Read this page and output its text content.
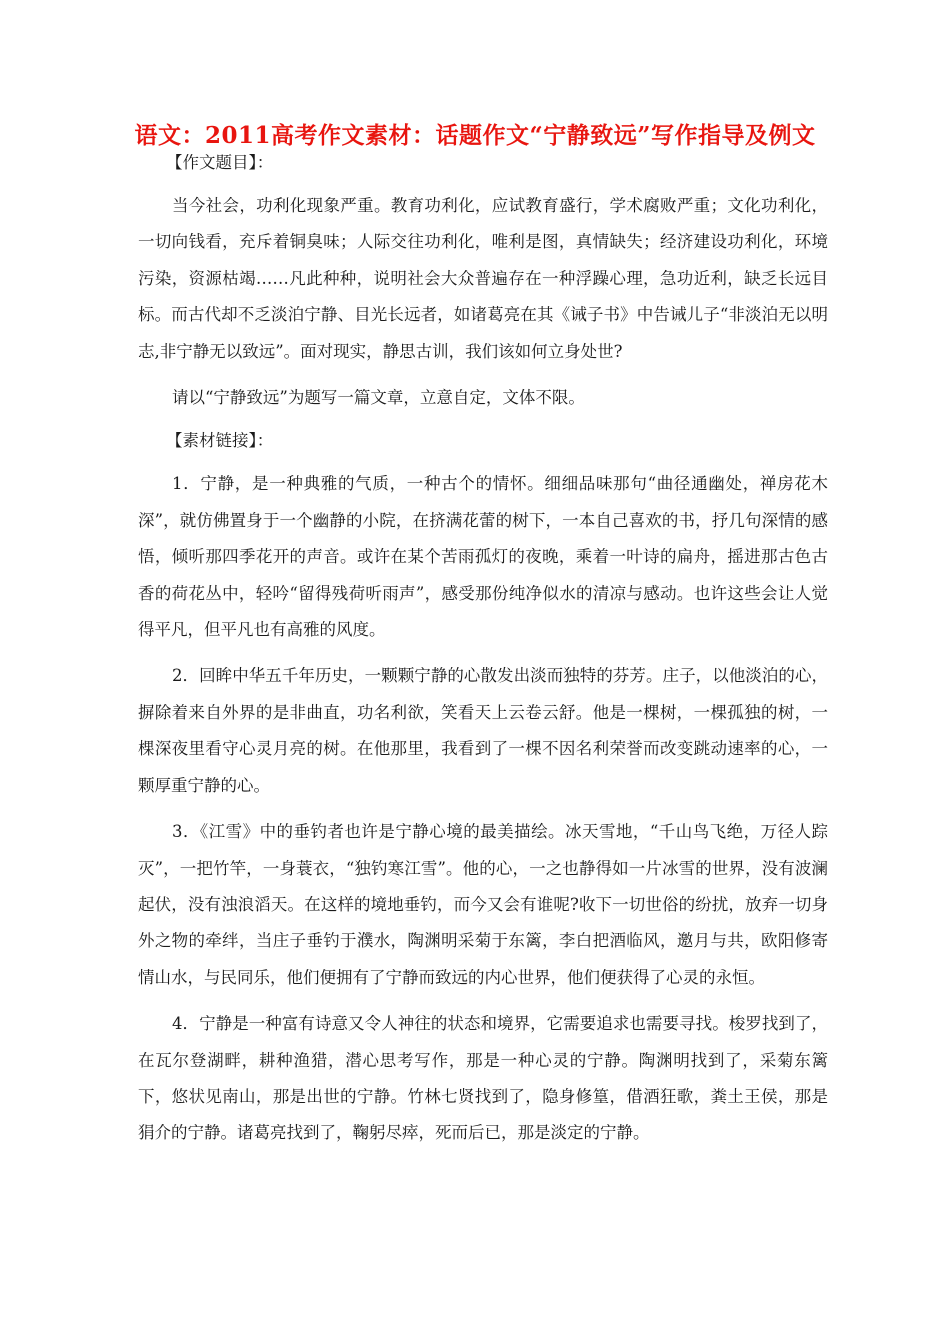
语文：2011高考作文素材：话题作文“宁静致远”写作指导及例文
【作文题目】：

当今社会，功利化现象严重。教育功利化，应试教育盛行，学术腐败严重；文化功利化，一切向钱看，充斥着铜臭味；人际交往功利化，唯利是图，真情缺失；经济建设功利化，环境污染，资源枯竭……凡此种种，说明社会大众普遍存在一种浮躁心理，急功近利，缺乏长远目标。而古代却不乏淡泊宁静、目光长远者，如诸葛亮在其《诫子书》中告诫儿子“非淡泊无以明志,非宁静无以致远”。面对现实，静思古训，我们该如何立身处世?

请以“宁静致远”为题写一篇文章，立意自定，文体不限。

【素材链接】：

1．宁静，是一种典雅的气质，一种古个的情怀。细细品味那句“曲径通幽处，禅房花木深”，就仿佛置身于一个幽静的小院，在挤满花蕾的树下，一本自己喜欢的书，抒几句深情的感悟，倾听那四季花开的声音。或许在某个苦雨孤灯的夜晚，乘着一叶诗的扁舟，摇进那古色古香的荷花丛中，轻吟“留得残荷听雨声”，感受那份纯净似水的清凉与感动。也许这些会让人觉得平凡，但平凡也有高雅的风度。

2．回眸中华五千年历史，一颗颗宁静的心散发出淡而独特的芬芳。庄子，以他淡泊的心，摒除着来自外界的是非曲直，功名利欲，笑看天上云卷云舒。他是一棵树，一棵孤独的树，一棵深夜里看守心灵月亮的树。在他那里，我看到了一棵不因名利荣誉而改变跳动速率的心，一颗厚重宁静的心。

3．《江雪》中的垂钓者也许是宁静心境的最美描绘。冰天雪地，“千山鸟飞绝，万径人踪灭”，一把竹竿，一身蓑衣，“独钓寒江雪”。他的心，一之也静得如一片冰雪的世界，没有波澜起伏，没有浊浪滔天。在这样的境地垂钓，而今又会有谁呢?收下一切世俗的纷扰，放弃一切身外之物的牵绊，当庄子垂钓于濮水，陶渊明采菊于东篱，李白把酒临风，邀月与共，欧阳修寄情山水，与民同乐，他们便拥有了宁静而致远的内心世界，他们便获得了心灵的永恒。

4．宁静是一种富有诗意又令人神往的状态和境界，它需要追求也需要寻找。梭罗找到了，在瓦尔登湖畔，耕种渔猎，潜心思考写作，那是一种心灵的宁静。陶渊明找到了，采菊东篱下，悠状见南山，那是出世的宁静。竹林七贤找到了，隐身修篁，借酒狂歌，粪土王侯，那是狷介的宁静。诸葛亮找到了，鞠躬尽瘁，死而后已，那是淡定的宁静。
